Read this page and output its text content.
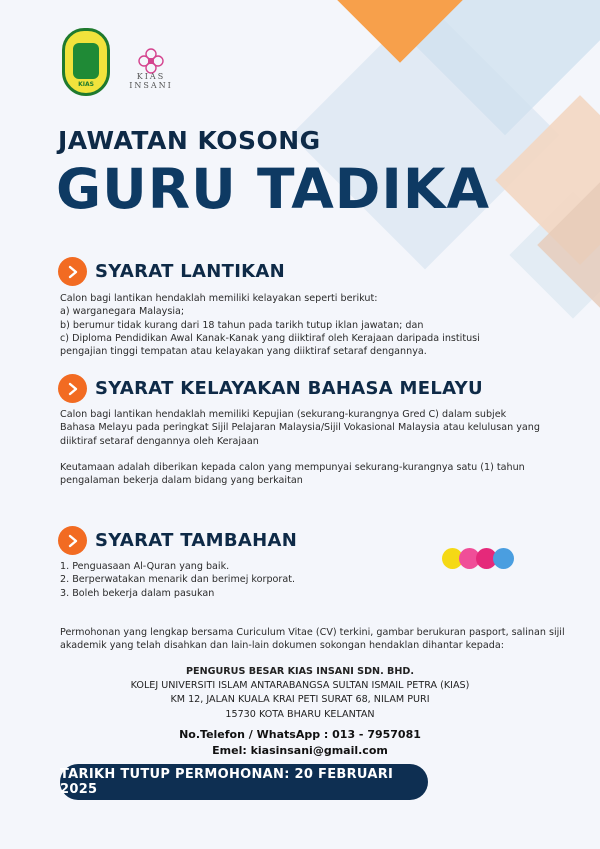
KIAS
KIAS INSANI
JAWATAN KOSONG
GURU TADIKA
SYARAT LANTIKAN
Calon bagi lantikan hendaklah memiliki kelayakan seperti berikut:
a) warganegara Malaysia;
b) berumur tidak kurang dari 18 tahun pada tarikh tutup iklan jawatan; dan
c) Diploma Pendidikan Awal Kanak-Kanak yang diiktiraf oleh Kerajaan daripada institusi
pengajian tinggi tempatan atau kelayakan yang diiktiraf setaraf dengannya.
SYARAT KELAYAKAN BAHASA MELAYU
Calon bagi lantikan hendaklah memiliki Kepujian (sekurang-kurangnya Gred C) dalam subjek
Bahasa Melayu pada peringkat Sijil Pelajaran Malaysia/Sijil Vokasional Malaysia atau kelulusan yang
diiktiraf setaraf dengannya oleh Kerajaan
Keutamaan adalah diberikan kepada calon yang mempunyai sekurang-kurangnya satu (1) tahun
pengalaman bekerja dalam bidang yang berkaitan
SYARAT TAMBAHAN
1. Penguasaan Al-Quran yang baik.
2. Berperwatakan menarik dan berimej korporat.
3. Boleh bekerja dalam pasukan
Permohonan yang lengkap bersama Curiculum Vitae (CV) terkini, gambar berukuran pasport, salinan sijil
akademik yang telah disahkan dan lain-lain dokumen sokongan hendaklan dihantar kepada:
PENGURUS BESAR KIAS INSANI SDN. BHD.
KOLEJ UNIVERSITI ISLAM ANTARABANGSA SULTAN ISMAIL PETRA (KIAS)
KM 12, JALAN KUALA KRAI PETI SURAT 68, NILAM PURI
15730 KOTA BHARU KELANTAN
No.Telefon / WhatsApp : 013 - 7957081
Emel: kiasinsani@gmail.com
TARIKH TUTUP PERMOHONAN: 20 FEBRUARI 2025
